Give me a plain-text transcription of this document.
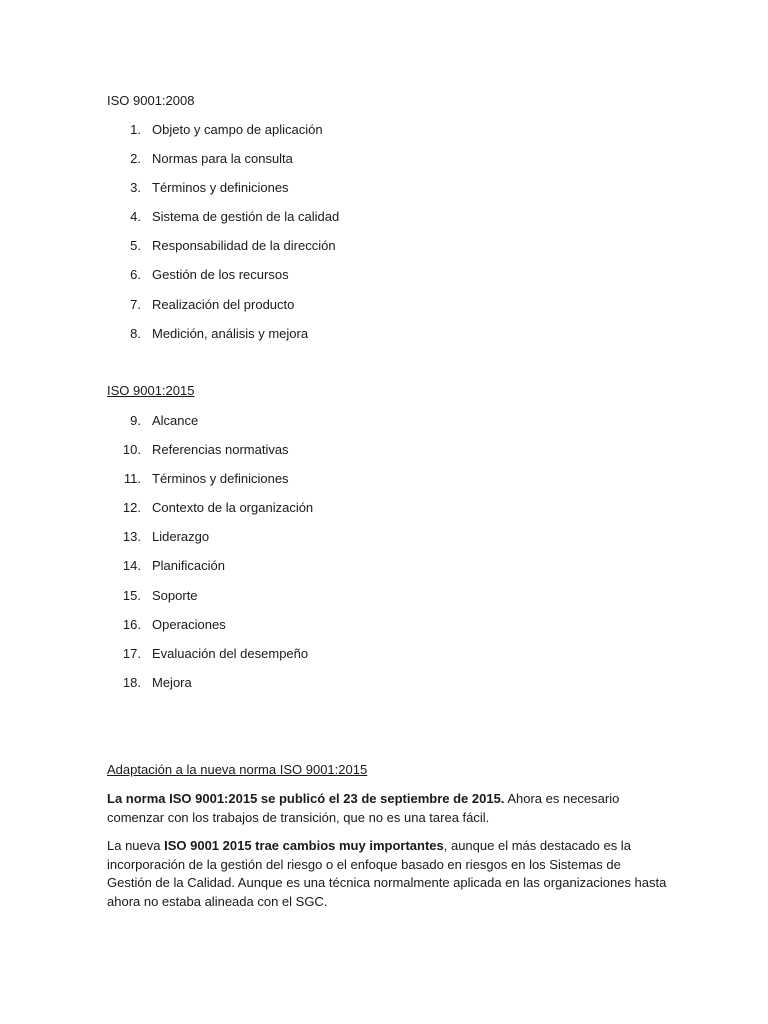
ISO 9001:2008
1. Objeto y campo de aplicación
2. Normas para la consulta
3. Términos y definiciones
4. Sistema de gestión de la calidad
5. Responsabilidad de la dirección
6. Gestión de los recursos
7. Realización del producto
8. Medición, análisis y mejora
ISO 9001:2015
9. Alcance
10. Referencias normativas
11. Términos y definiciones
12. Contexto de la organización
13. Liderazgo
14. Planificación
15. Soporte
16. Operaciones
17. Evaluación del desempeño
18. Mejora
Adaptación a la nueva norma ISO 9001:2015

La norma ISO 9001:2015 se publicó el 23 de septiembre de 2015. Ahora es necesario comenzar con los trabajos de transición, que no es una tarea fácil.

La nueva ISO 9001 2015 trae cambios muy importantes, aunque el más destacado es la incorporación de la gestión del riesgo o el enfoque basado en riesgos en los Sistemas de Gestión de la Calidad. Aunque es una técnica normalmente aplicada en las organizaciones hasta ahora no estaba alineada con el SGC.
